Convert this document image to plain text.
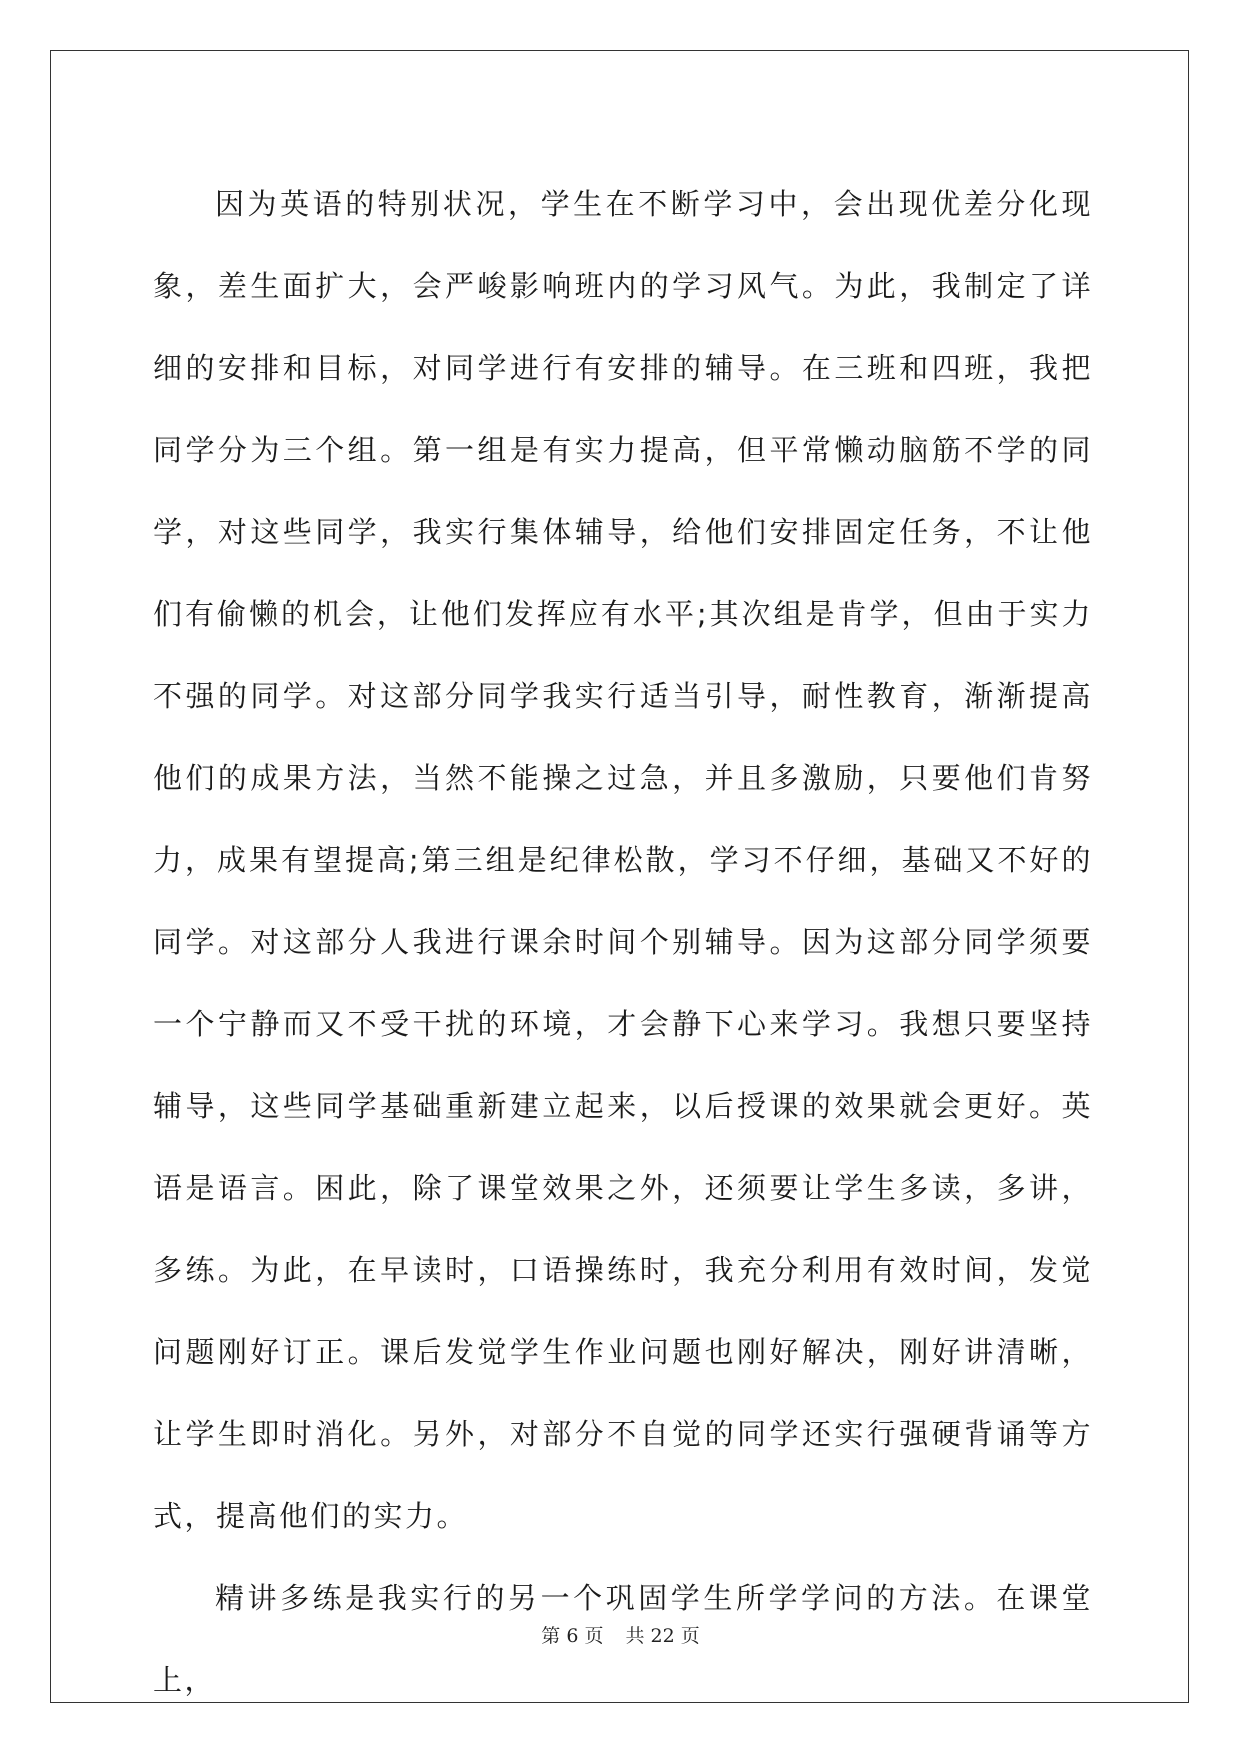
因为英语的特别状况，学生在不断学习中，会出现优差分化现象，差生面扩大，会严峻影响班内的学习风气。为此，我制定了详细的安排和目标，对同学进行有安排的辅导。在三班和四班，我把同学分为三个组。第一组是有实力提高，但平常懒动脑筋不学的同学，对这些同学，我实行集体辅导，给他们安排固定任务，不让他们有偷懒的机会，让他们发挥应有水平;其次组是肯学，但由于实力不强的同学。对这部分同学我实行适当引导，耐性教育，渐渐提高他们的成果方法，当然不能操之过急，并且多激励，只要他们肯努力，成果有望提高;第三组是纪律松散，学习不仔细，基础又不好的同学。对这部分人我进行课余时间个别辅导。因为这部分同学须要一个宁静而又不受干扰的环境，才会静下心来学习。我想只要坚持辅导，这些同学基础重新建立起来，以后授课的效果就会更好。英语是语言。困此，除了课堂效果之外，还须要让学生多读，多讲，多练。为此，在早读时，口语操练时，我充分利用有效时间，发觉问题刚好订正。课后发觉学生作业问题也刚好解决，刚好讲清晰，让学生即时消化。另外，对部分不自觉的同学还实行强硬背诵等方式，提高他们的实力。

精讲多练是我实行的另一个巩固学生所学学问的方法。在课堂上，

第 6 页 共 22 页
